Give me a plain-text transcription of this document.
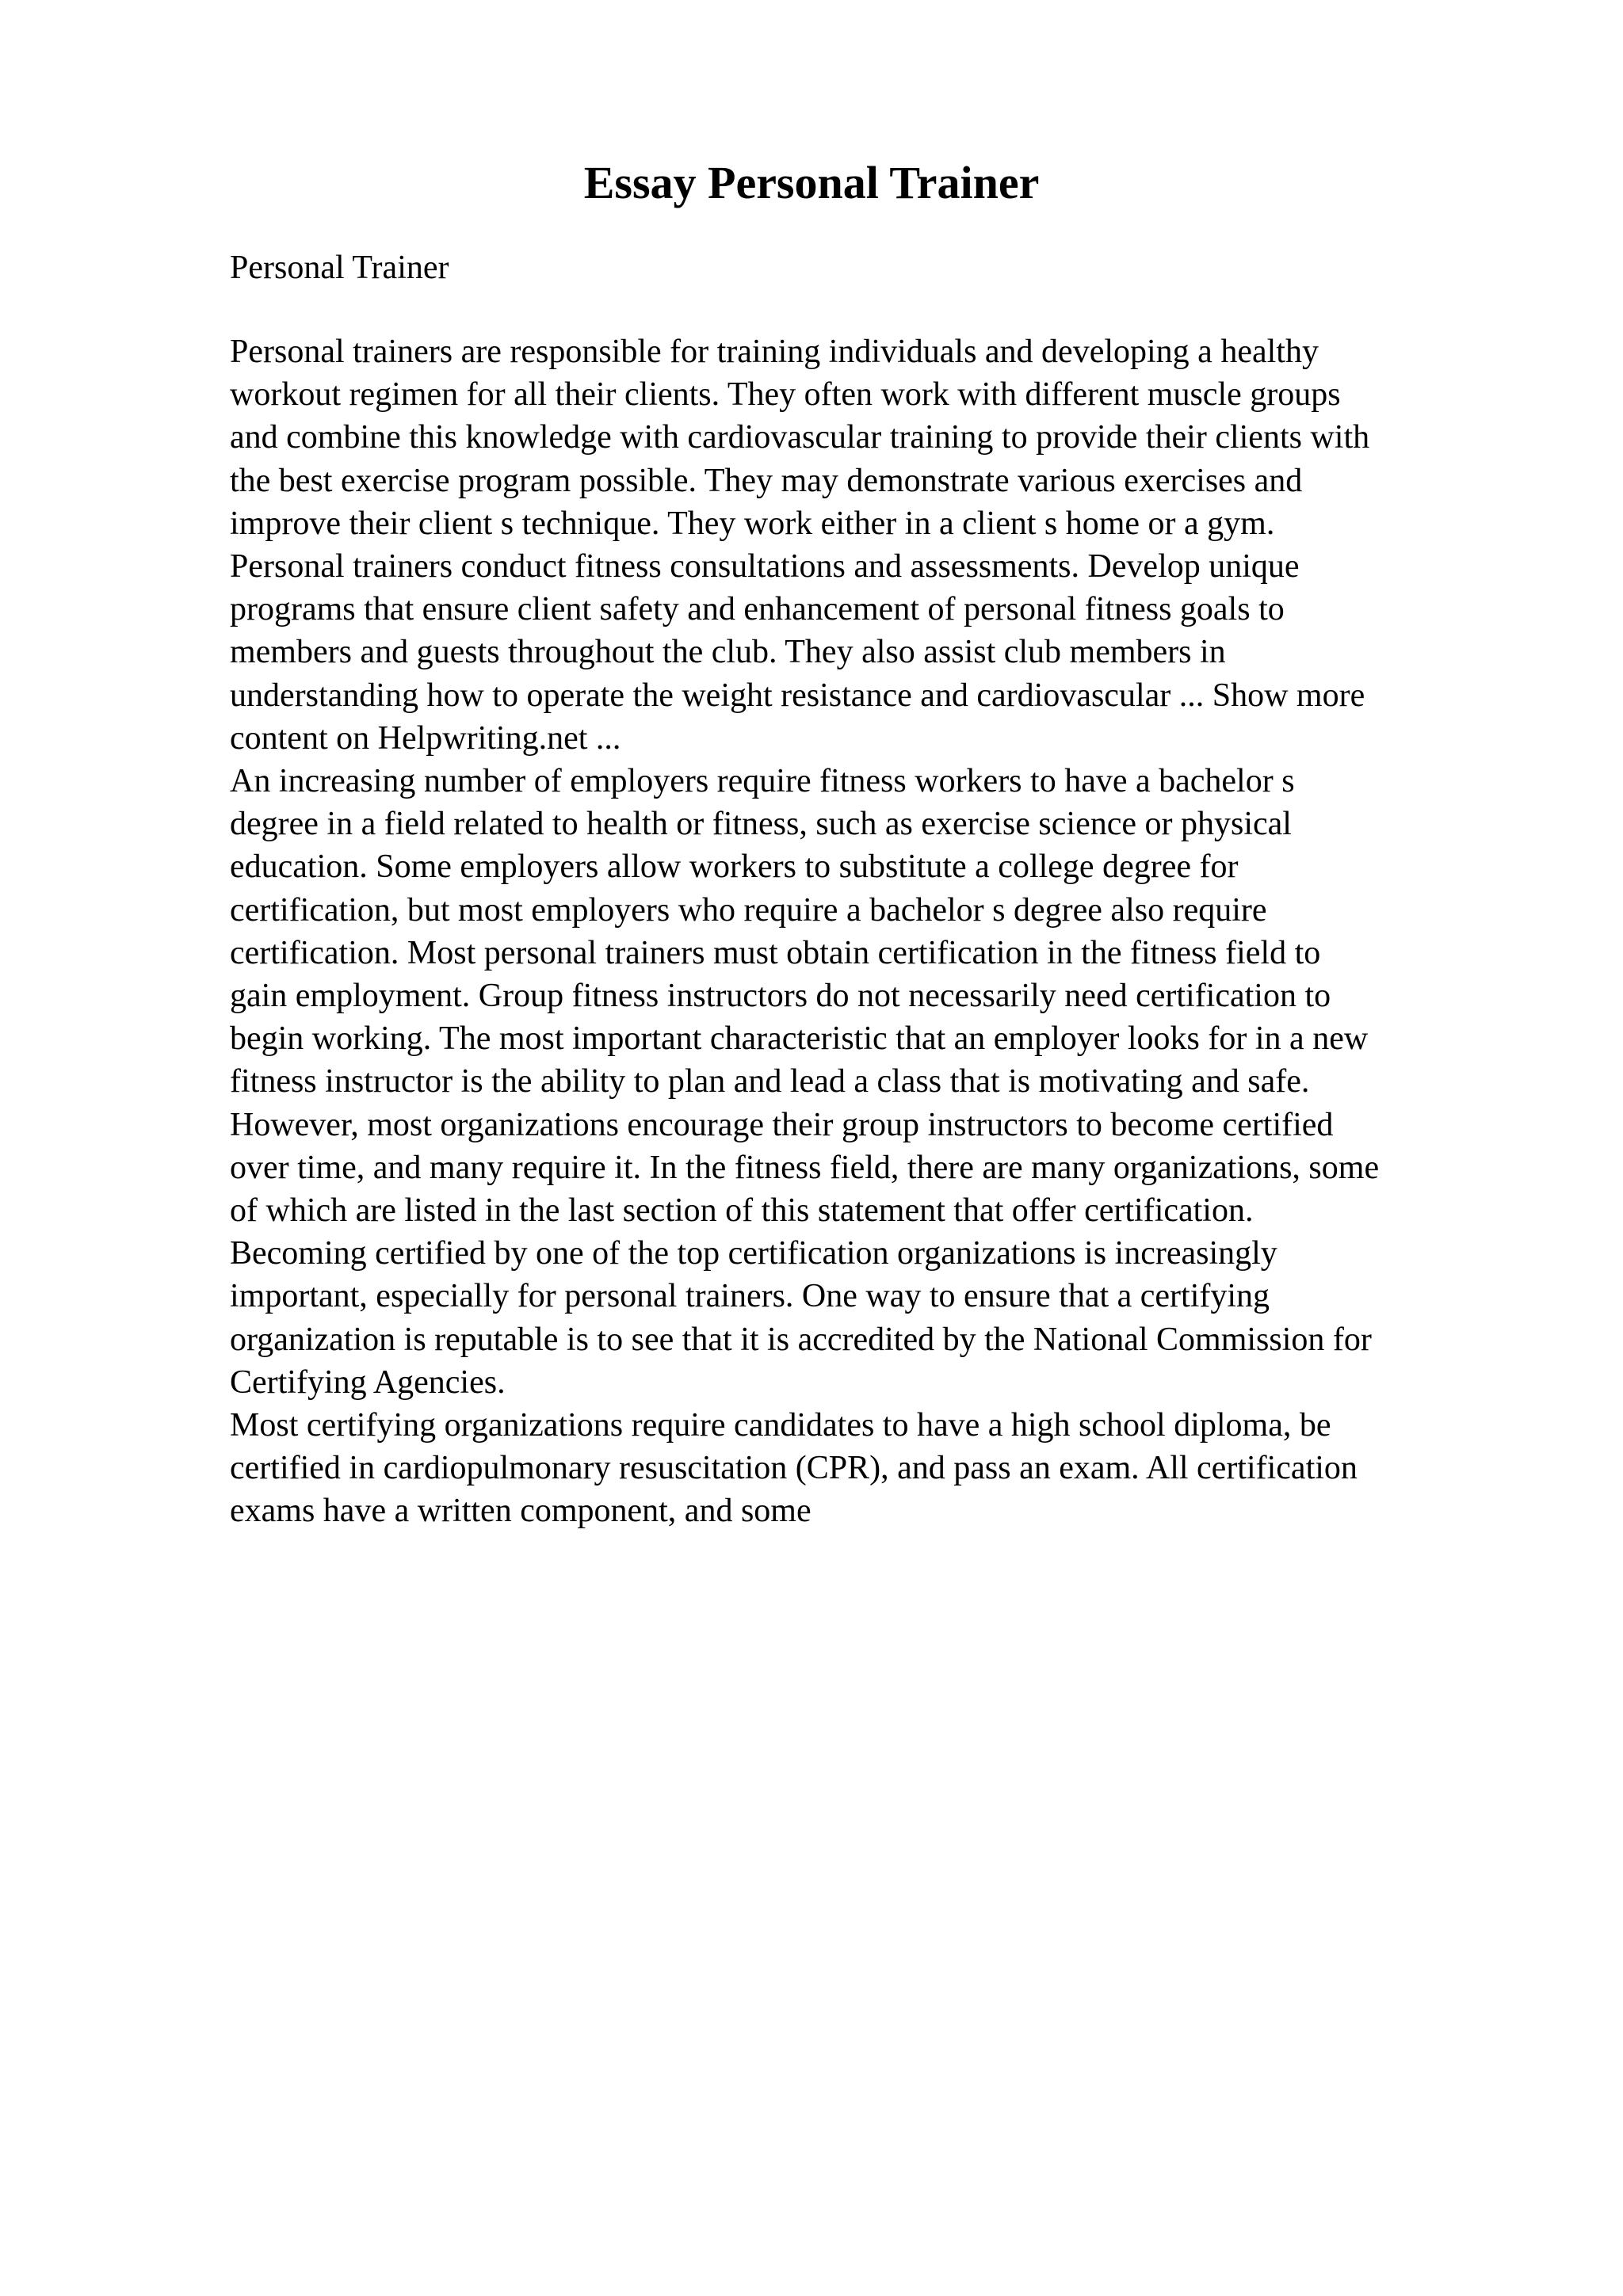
Essay Personal Trainer
Personal Trainer

Personal trainers are responsible for training individuals and developing a healthy
workout regimen for all their clients. They often work with different muscle groups
and combine this knowledge with cardiovascular training to provide their clients with
the best exercise program possible. They may demonstrate various exercises and
improve their client s technique. They work either in a client s home or a gym.
Personal trainers conduct fitness consultations and assessments. Develop unique
programs that ensure client safety and enhancement of personal fitness goals to
members and guests throughout the club. They also assist club members in
understanding how to operate the weight resistance and cardiovascular ... Show more
content on Helpwriting.net ...

An increasing number of employers require fitness workers to have a bachelor s
degree in a field related to health or fitness, such as exercise science or physical
education. Some employers allow workers to substitute a college degree for
certification, but most employers who require a bachelor s degree also require
certification. Most personal trainers must obtain certification in the fitness field to
gain employment. Group fitness instructors do not necessarily need certification to
begin working. The most important characteristic that an employer looks for in a new
fitness instructor is the ability to plan and lead a class that is motivating and safe.
However, most organizations encourage their group instructors to become certified
over time, and many require it. In the fitness field, there are many organizations, some
of which are listed in the last section of this statement that offer certification.
Becoming certified by one of the top certification organizations is increasingly
important, especially for personal trainers. One way to ensure that a certifying
organization is reputable is to see that it is accredited by the National Commission for
Certifying Agencies.

Most certifying organizations require candidates to have a high school diploma, be
certified in cardiopulmonary resuscitation (CPR), and pass an exam. All certification
exams have a written component, and some
